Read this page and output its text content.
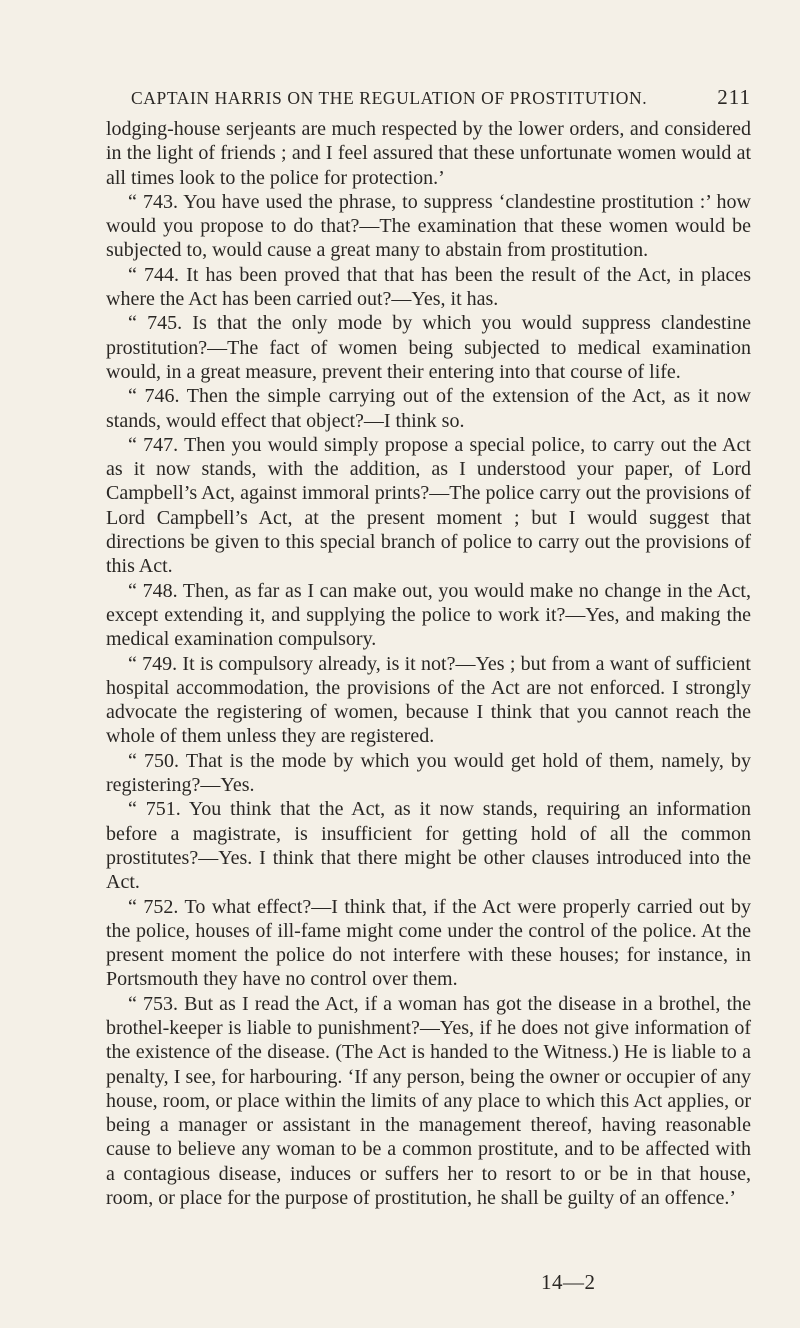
CAPTAIN HARRIS ON THE REGULATION OF PROSTITUTION.	211

lodging-house serjeants are much respected by the lower orders, and considered in the light of friends ; and I feel assured that these unfortunate women would at all times look to the police for protection.’

“ 743. You have used the phrase, to suppress ‘clandestine prostitution :’ how would you propose to do that?—The examination that these women would be subjected to, would cause a great many to abstain from prostitution.

“ 744. It has been proved that that has been the result of the Act, in places where the Act has been carried out?—Yes, it has.

“ 745. Is that the only mode by which you would suppress clandestine prostitution?—The fact of women being subjected to medical examination would, in a great measure, prevent their entering into that course of life.

“ 746. Then the simple carrying out of the extension of the Act, as it now stands, would effect that object?—I think so.

“ 747. Then you would simply propose a special police, to carry out the Act as it now stands, with the addition, as I understood your paper, of Lord Campbell’s Act, against immoral prints?—The police carry out the provisions of Lord Campbell’s Act, at the present moment ; but I would suggest that directions be given to this special branch of police to carry out the provisions of this Act.

“ 748. Then, as far as I can make out, you would make no change in the Act, except extending it, and supplying the police to work it?—Yes, and making the medical examination compulsory.

“ 749. It is compulsory already, is it not?—Yes ; but from a want of sufficient hospital accommodation, the provisions of the Act are not enforced. I strongly advocate the registering of women, because I think that you cannot reach the whole of them unless they are registered.

“ 750. That is the mode by which you would get hold of them, namely, by registering?—Yes.

“ 751. You think that the Act, as it now stands, requiring an information before a magistrate, is insufficient for getting hold of all the common prostitutes?—Yes. I think that there might be other clauses introduced into the Act.

“ 752. To what effect?—I think that, if the Act were properly carried out by the police, houses of ill-fame might come under the control of the police. At the present moment the police do not interfere with these houses; for instance, in Portsmouth they have no control over them.

“ 753. But as I read the Act, if a woman has got the disease in a brothel, the brothel-keeper is liable to punishment?—Yes, if he does not give information of the existence of the disease. (The Act is handed to the Witness.) He is liable to a penalty, I see, for harbouring. ‘If any person, being the owner or occupier of any house, room, or place within the limits of any place to which this Act applies, or being a manager or assistant in the management thereof, having reasonable cause to believe any woman to be a common prostitute, and to be affected with a contagious disease, induces or suffers her to resort to or be in that house, room, or place for the purpose of prostitution, he shall be guilty of an offence.’

14—2
